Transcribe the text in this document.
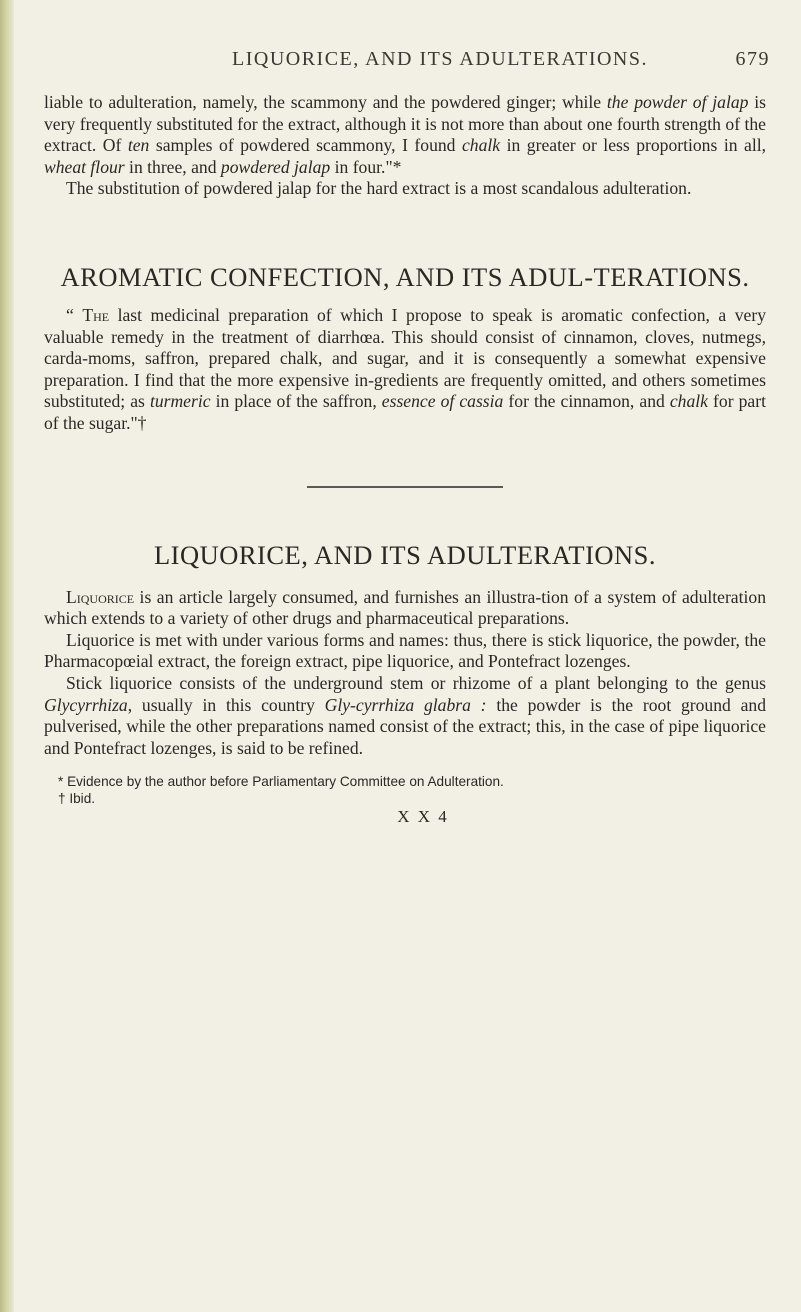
LIQUORICE, AND ITS ADULTERATIONS.	679

liable to adulteration, namely, the scammony and the powdered ginger; while the powder of jalap is very frequently substituted for the extract, although it is not more than about one fourth strength of the extract. Of ten samples of powdered scammony, I found chalk in greater or less proportions in all, wheat flour in three, and powdered jalap in four."*

The substitution of powdered jalap for the hard extract is a most scandalous adulteration.

AROMATIC CONFECTION, AND ITS ADUL-TERATIONS.

“ The last medicinal preparation of which I propose to speak is aromatic confection, a very valuable remedy in the treatment of diarrhœa. This should consist of cinnamon, cloves, nutmegs, carda-moms, saffron, prepared chalk, and sugar, and it is consequently a somewhat expensive preparation. I find that the more expensive in-gredients are frequently omitted, and others sometimes substituted; as turmeric in place of the saffron, essence of cassia for the cinnamon, and chalk for part of the sugar."†

LIQUORICE, AND ITS ADULTERATIONS.

Liquorice is an article largely consumed, and furnishes an illustra-tion of a system of adulteration which extends to a variety of other drugs and pharmaceutical preparations.

Liquorice is met with under various forms and names: thus, there is stick liquorice, the powder, the Pharmacopœial extract, the foreign extract, pipe liquorice, and Pontefract lozenges.

Stick liquorice consists of the underground stem or rhizome of a plant belonging to the genus Glycyrrhiza, usually in this country Gly-cyrrhiza glabra : the powder is the root ground and pulverised, while the other preparations named consist of the extract; this, in the case of pipe liquorice and Pontefract lozenges, is said to be refined.

* Evidence by the author before Parliamentary Committee on Adulteration.
† Ibid.
X X 4
